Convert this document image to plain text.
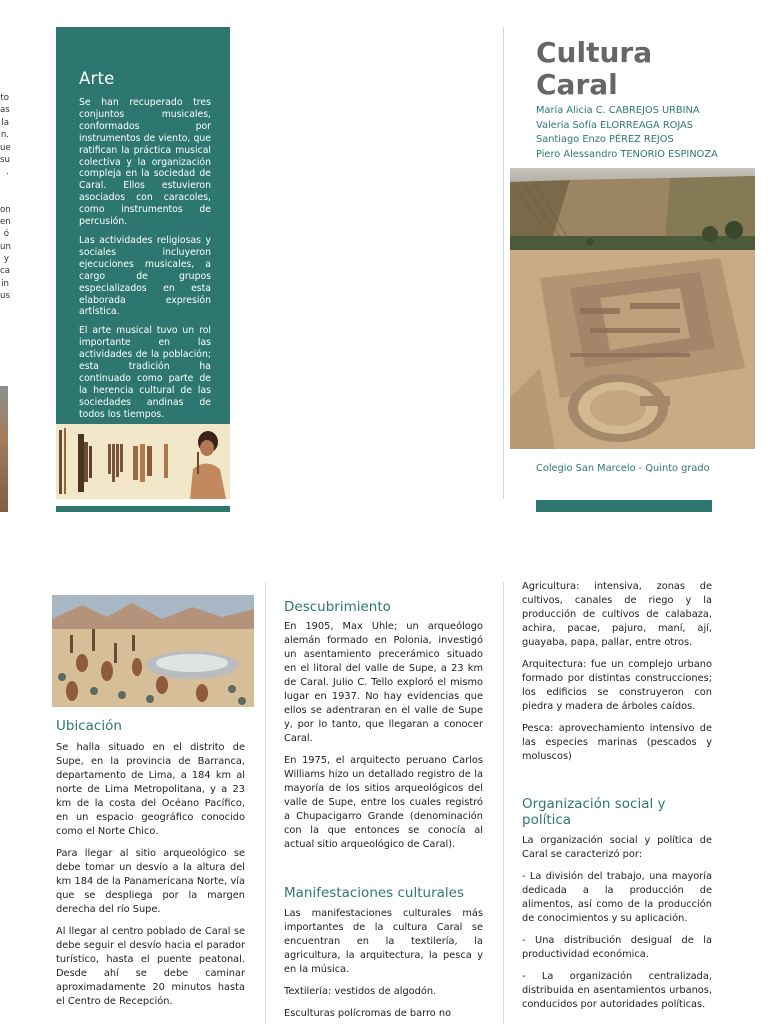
to
as
la
n.
ue
su
.
on
en
ó
un
y
ca
in
us
Arte

Se han recuperado tres conjuntos musicales, conformados por instrumentos de viento, que ratifican la práctica musical colectiva y la organización compleja en la sociedad de Caral. Ellos estuvieron asociados con caracoles, como instrumentos de percusión.

Las actividades religiosas y sociales incluyeron ejecuciones musicales, a cargo de grupos especializados en esta elaborada expresión artística.

El arte musical tuvo un rol importante en las actividades de la población; esta tradición ha continuado como parte de la herencia cultural de las sociedades andinas de todos los tiempos.

Cultura
Caral
María Alicia C. CABREJOS URBINA
Valeria Sofía ELORREAGA ROJAS
Santiago Enzo PÉREZ REJOS
Piero Alessandro TENORIO ESPINOZA
Colegio San Marcelo - Quinto grado
Ubicación

Se halla situado en el distrito de Supe, en la provincia de Barranca, departamento de Lima, a 184 km al norte de Lima Metropolitana, y a 23 km de la costa del Océano Pacífico, en un espacio geográfico conocido como el Norte Chico.

Para llegar al sitio arqueológico se debe tomar un desvío a la altura del km 184 de la Panamericana Norte, vía que se despliega por la margen derecha del río Supe.

Al llegar al centro poblado de Caral se debe seguir el desvío hacia el parador turístico, hasta el puente peatonal. Desde ahí se debe caminar aproximadamente 20 minutos hasta el Centro de Recepción.

Descubrimiento

En 1905, Max Uhle; un arqueólogo alemán formado en Polonia, investigó un asentamiento precerámico situado en el litoral del valle de Supe, a 23 km de Caral. Julio C. Tello exploró el mismo lugar en 1937. No hay evidencias que ellos se adentraran en el valle de Supe y, por lo tanto, que llegaran a conocer Caral.

En 1975, el arquitecto peruano Carlos Williams hizo un detallado registro de la mayoría de los sitios arqueológicos del valle de Supe, entre los cuales registró a Chupacigarro Grande (denominación con la que entonces se conocía al actual sitio arqueológico de Caral).

Manifestaciones culturales

Las manifestaciones culturales más importantes de la cultura Caral se encuentran en la textilería, la agricultura, la arquitectura, la pesca y en la música.

Textilería: vestidos de algodón.

Esculturas polícromas de barro no

Agricultura: intensiva, zonas de cultivos, canales de riego y la producción de cultivos de calabaza, achira, pacae, pajuro, maní, ají, guayaba, papa, pallar, entre otros.

Arquitectura: fue un complejo urbano formado por distintas construcciones; los edificios se construyeron con piedra y madera de árboles caídos.

Pesca: aprovechamiento intensivo de las especies marinas (pescados y moluscos)

Organización social y política

La organización social y política de Caral se caracterizó por:

- La división del trabajo, una mayoría dedicada a la producción de alimentos, así como de la producción de conocimientos y su aplicación.

- Una distribución desigual de la productividad económica.

- La organización centralizada, distribuida en asentamientos urbanos, conducidos por autoridades políticas.
